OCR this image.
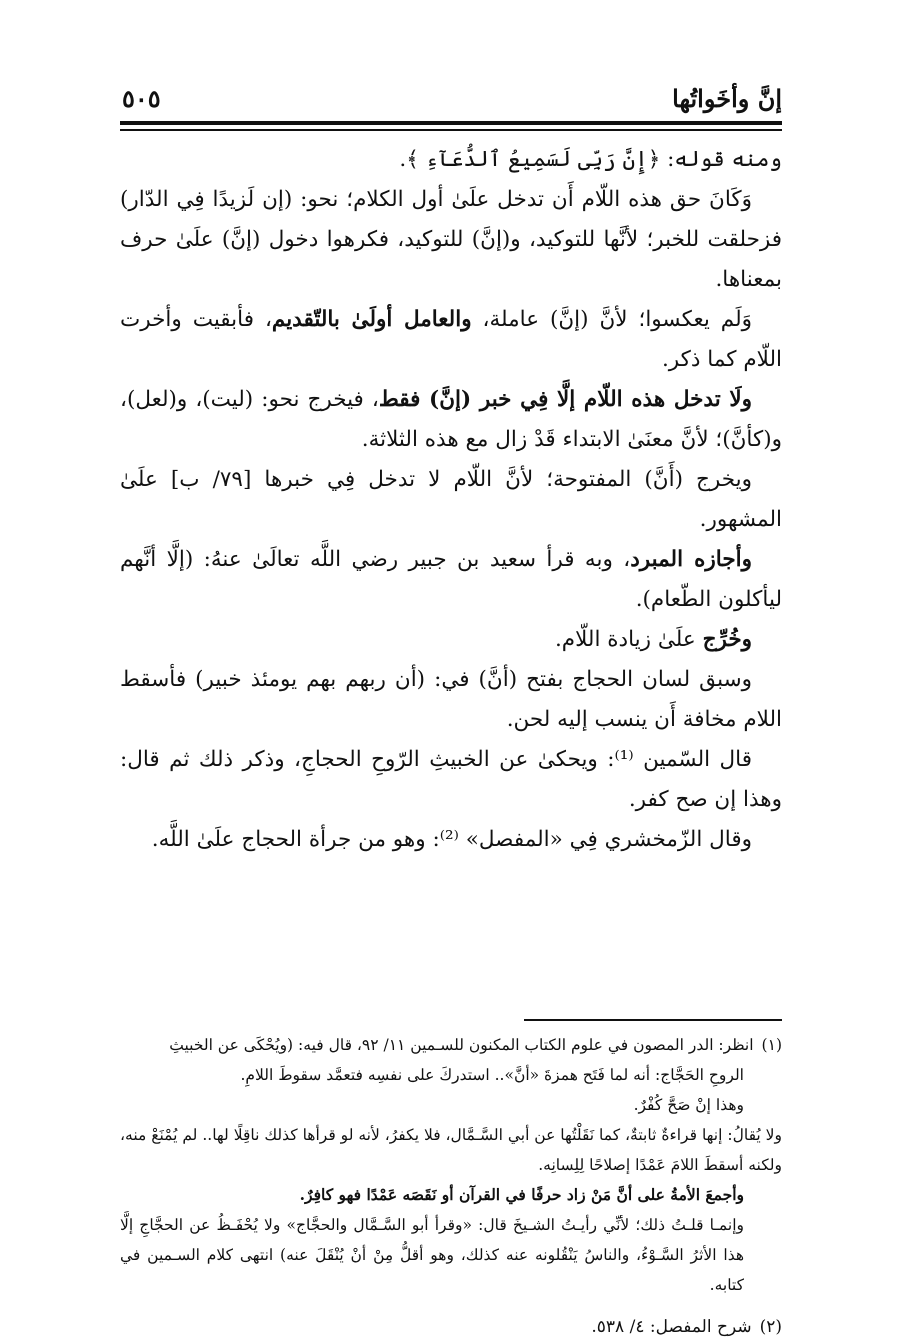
إنَّ وأخَواتُها
٥٠٥

ومنه قوله: ﴿إِنَّ رَبِّى لَسَمِيعُ ٱلدُّعَآءِ ﴾.

وَكَانَ حق هذه اللّام أَن تدخل علَىٰ أول الكلام؛ نحو: (إن لَزيدًا فِي الدّار) فزحلقت للخبر؛ لأنَّها للتوكيد، و(إنَّ) للتوكيد، فكرهوا دخول (إنَّ) علَىٰ حرف بمعناها.

وَلَم يعكسوا؛ لأنَّ (إنَّ) عاملة، والعامل أولَىٰ بالتّقديم، فأبقيت وأخرت اللّام كما ذكر.

ولَا تدخل هذه اللّام إلَّا فِي خبر (إنَّ) فقط، فيخرج نحو: (ليت)، و(لعل)، و(كأنَّ)؛ لأنَّ معنَىٰ الابتداء قَدْ زال مع هذه الثلاثة.

ويخرج (أَنَّ) المفتوحة؛ لأنَّ اللّام لا تدخل فِي خبرها [٧٩/ ب] علَىٰ المشهور.

وأجازه المبرد، وبه قرأ سعيد بن جبير رضي اللَّه تعالَىٰ عنهُ: (إلَّا أنَّهم ليأكلون الطّعام).

وخُرِّج علَىٰ زيادة اللّام.

وسبق لسان الحجاج بفتح (أنَّ) في: (أن ربهم بهم يومئذ خبير) فأسقط اللام مخافة أَن ينسب إليه لحن.

قال السّمين ⁽¹⁾: ويحكىٰ عن الخبيثِ الرّوحِ الحجاجِ، وذكر ذلك ثم قال: وهذا إن صح كفر.

وقال الزّمخشري فِي «المفصل» ⁽²⁾: وهو من جرأة الحجاج علَىٰ اللَّه.

(١)انظر: الدر المصون في علوم الكتاب المكنون للسـمين ١١/ ٩٢، قال فيه: (ويُحْكَى عن الخبيثِ

الروحِ الحَجَّاج: أنه لما فَتَح همزةَ «أنَّ».. استدركَ على نفسِه فتعمَّد سقوطَ اللامِ.

وهذا إنْ صَحَّ كُفْرٌ.

ولا يُقالُ: إنها قراءةٌ ثابتةٌ، كما نَقَلْتُها عن أبي السَّـمَّال، فلا يكفرُ، لأنه لو قرأها كذلك ناقِلًا لها.. لم يُمْنَعْ منه، ولكنه أسقطَ اللامَ عَمْدًا إصلاحًا لِلِسانِه.

وأجمعَ الأمةُ على أنَّ مَنْ زاد حرفًا في القرآن أو نَقَصَه عَمْدًا فهو كافِرٌ.

وإنمـا قلـتُ ذلك؛ لأنِّي رأيـتُ الشـيخَ قال: «وقرأ أبو السَّـمَّال والحجَّاج» ولا يُحْفَـظُ عن الحجَّاجِ إلَّا هذا الأثرُ السَّـوْءُ، والناسُ يَنْقُلونه عنه كذلك، وهو أقلُّ مِنْ أنْ يُنْقَلَ عنه) انتهى كلام السـمين في كتابه.

(٢)شرح المفصل: ٤/ ٥٣٨.
